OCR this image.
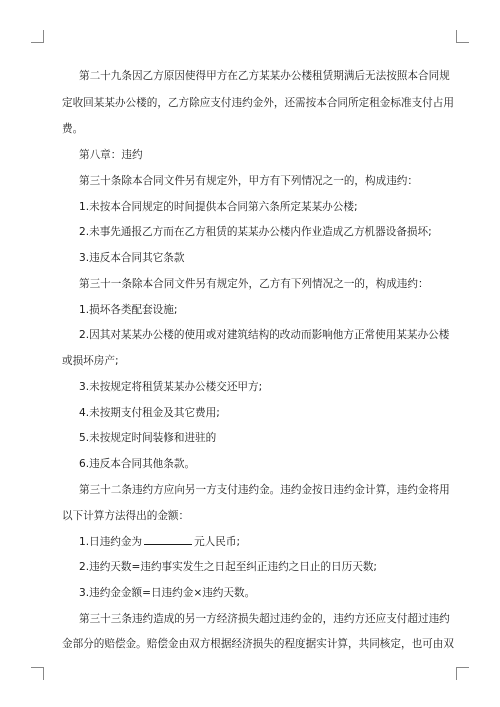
第二十九条因乙方原因使得甲方在乙方某某办公楼租赁期满后无法按照本合同规
定收回某某办公楼的，乙方除应支付违约金外，还需按本合同所定租金标准支付占用
费。
第八章：违约
第三十条除本合同文件另有规定外，甲方有下列情况之一的，构成违约：
1.未按本合同规定的时间提供本合同第六条所定某某办公楼;
2.未事先通报乙方而在乙方租赁的某某办公楼内作业造成乙方机器设备损坏;
3.违反本合同其它条款
第三十一条除本合同文件另有规定外，乙方有下列情况之一的，构成违约：
1.损坏各类配套设施;
2.因其对某某办公楼的使用或对建筑结构的改动而影响他方正常使用某某办公楼
或损坏房产;
3.未按规定将租赁某某办公楼交还甲方;
4.未按期支付租金及其它费用;
5.未按规定时间装修和进驻的
6.违反本合同其他条款。
第三十二条违约方应向另一方支付违约金。违约金按日违约金计算，违约金将用
以下计算方法得出的金额：
1.日违约金为	元人民币;
2.违约天数=违约事实发生之日起至纠正违约之日止的日历天数;
3.违约金金额=日违约金×违约天数。
第三十三条违约造成的另一方经济损失超过违约金的，违约方还应支付超过违约
金部分的赔偿金。赔偿金由双方根据经济损失的程度据实计算，共同核定，也可由双
